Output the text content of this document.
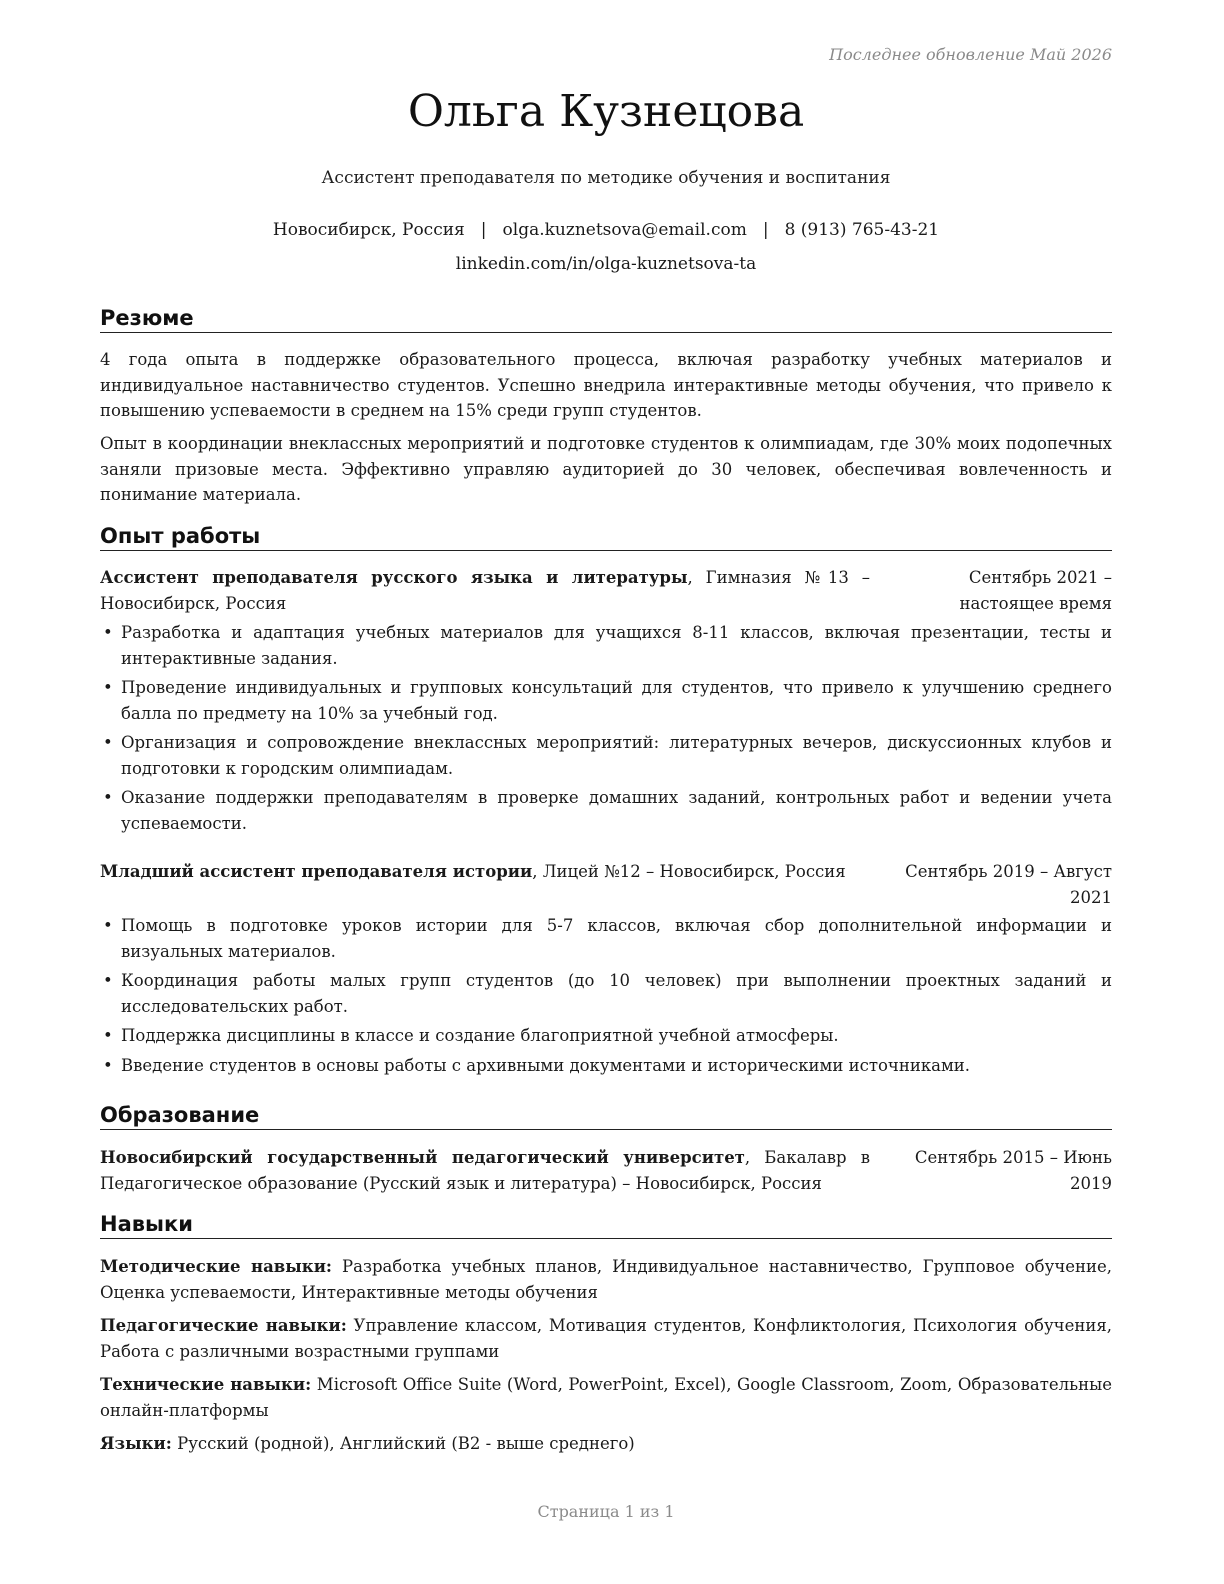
Последнее обновление Май 2026
Ольга Кузнецова
Ассистент преподавателя по методике обучения и воспитания
Новосибирск, Россия | olga.kuznetsova@email.com | 8 (913) 765-43-21
linkedin.com/in/olga-kuznetsova-ta
Резюме
4 года опыта в поддержке образовательного процесса, включая разработку учебных материалов и индивидуальное наставничество студентов. Успешно внедрила интерактивные методы обучения, что привело к повышению успеваемости в среднем на 15% среди групп студентов.
Опыт в координации внеклассных мероприятий и подготовке студентов к олимпиадам, где 30% моих подопечных заняли призовые места. Эффективно управляю аудиторией до 30 человек, обеспечивая вовлеченность и понимание материала.
Опыт работы
Ассистент преподавателя русского языка и литературы, Гимназия №13 – Новосибирск, Россия
Сентябрь 2021 – настоящее время
• Разработка и адаптация учебных материалов для учащихся 8-11 классов, включая презентации, тесты и интерактивные задания.
• Проведение индивидуальных и групповых консультаций для студентов, что привело к улучшению среднего балла по предмету на 10% за учебный год.
• Организация и сопровождение внеклассных мероприятий: литературных вечеров, дискуссионных клубов и подготовки к городским олимпиадам.
• Оказание поддержки преподавателям в проверке домашних заданий, контрольных работ и ведении учета успеваемости.
Младший ассистент преподавателя истории, Лицей №12 – Новосибирск, Россия	Сентябрь 2019 – Август 2021
• Помощь в подготовке уроков истории для 5-7 классов, включая сбор дополнительной информации и визуальных материалов.
• Координация работы малых групп студентов (до 10 человек) при выполнении проектных заданий и исследовательских работ.
• Поддержка дисциплины в классе и создание благоприятной учебной атмосферы.
• Введение студентов в основы работы с архивными документами и историческими источниками.
Образование
Новосибирский государственный педагогический университет, Бакалавр в Педагогическое образование (Русский язык и литература) – Новосибирск, Россия
Сентябрь 2015 – Июнь 2019
Навыки
Методические навыки: Разработка учебных планов, Индивидуальное наставничество, Групповое обучение, Оценка успеваемости, Интерактивные методы обучения
Педагогические навыки: Управление классом, Мотивация студентов, Конфликтология, Психология обучения, Работа с различными возрастными группами
Технические навыки: Microsoft Office Suite (Word, PowerPoint, Excel), Google Classroom, Zoom, Образовательные онлайн-платформы
Языки: Русский (родной), Английский (B2 - выше среднего)
Страница 1 из 1
